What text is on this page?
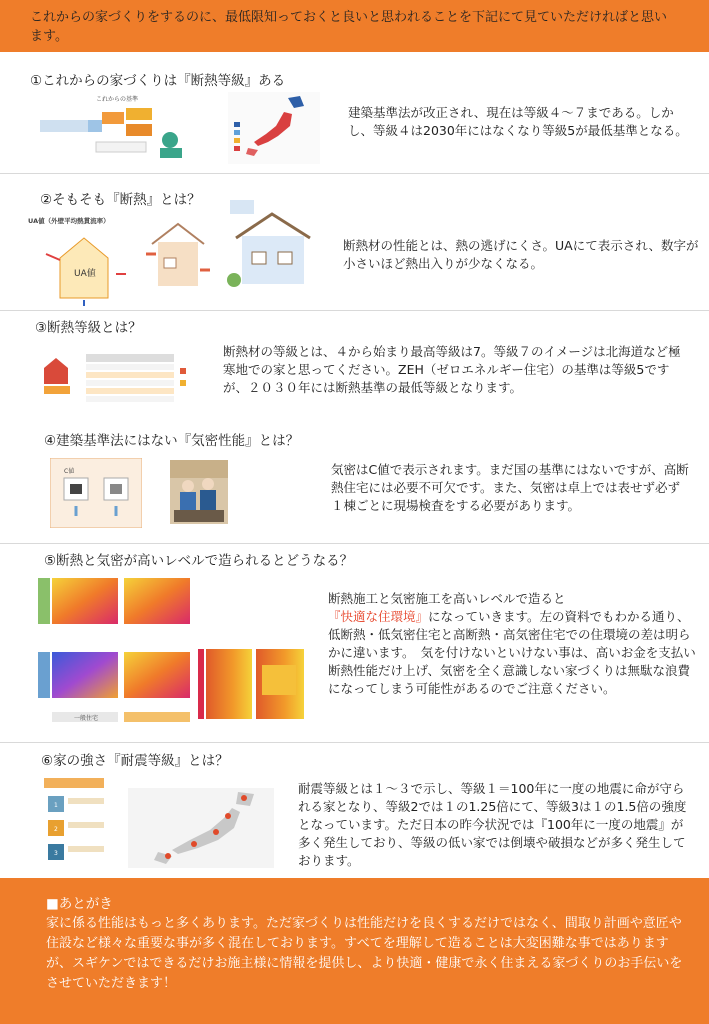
これからの家づくりをするのに、最低限知っておくと良いと思われることを下記にて見ていただければと思います。
①これからの家づくりは『断熱等級』ある
これからの基準
建築基準法が改正され、現在は等級４～７まである。しかし、等級４は2030年にはなくなり等級5が最低基準となる。
②そもそも『断熱』とは？
UA値
UA値（外壁平均熱貫流率）
断熱材の性能とは、熱の逃げにくさ。UAにて表示され、数字が小さいほど熱出入りが少なくなる。
③断熱等級とは？
断熱材の等級とは、４から始まり最高等級は7。等級７のイメージは北海道など極寒地での家と思ってください。ZEH（ゼロエネルギー住宅）の基準は等級5ですが、２０３０年には断熱基準の最低等級となります。
④建築基準法にはない『気密性能』とは？
C値	気密はC値で表示されます。まだ国の基準にはないですが、高断熱住宅には必要不可欠です。また、気密は卓上では表せず必ず１棟ごとに現場検査をする必要があります。
⑤断熱と気密が高いレベルで造られるとどうなる？
一般住宅
断熱施工と気密施工を高いレベルで造ると
『快適な住環境』になっていきます。左の資料でもわかる通り、低断熱・低気密住宅と高断熱・高気密住宅での住環境の差は明らかに違います。　気を付けないといけない事は、高いお金を支払い断熱性能だけ上げ、気密を全く意識しない家づくりは無駄な浪費になってしまう可能性があるのでご注意ください。
⑥家の強さ『耐震等級』とは？
1
2
3
耐震等級とは１～３で示し、等級１＝100年に一度の地震に命が守られる家となり、等級2では１の1.25倍にて、等級3は１の1.5倍の強度となっています。ただ日本の昨今状況では『100年に一度の地震』が多く発生しており、等級の低い家では倒壊や破損などが多く発生しております。
■あとがき
家に係る性能はもっと多くあります。ただ家づくりは性能だけを良くするだけではなく、間取り計画や意匠や住設など様々な重要な事が多く混在しております。すべてを理解して造ることは大変困難な事ではありますが、スギケンではできるだけお施主様に情報を提供し、より快適・健康で永く住まえる家づくりのお手伝いをさせていただきます！
